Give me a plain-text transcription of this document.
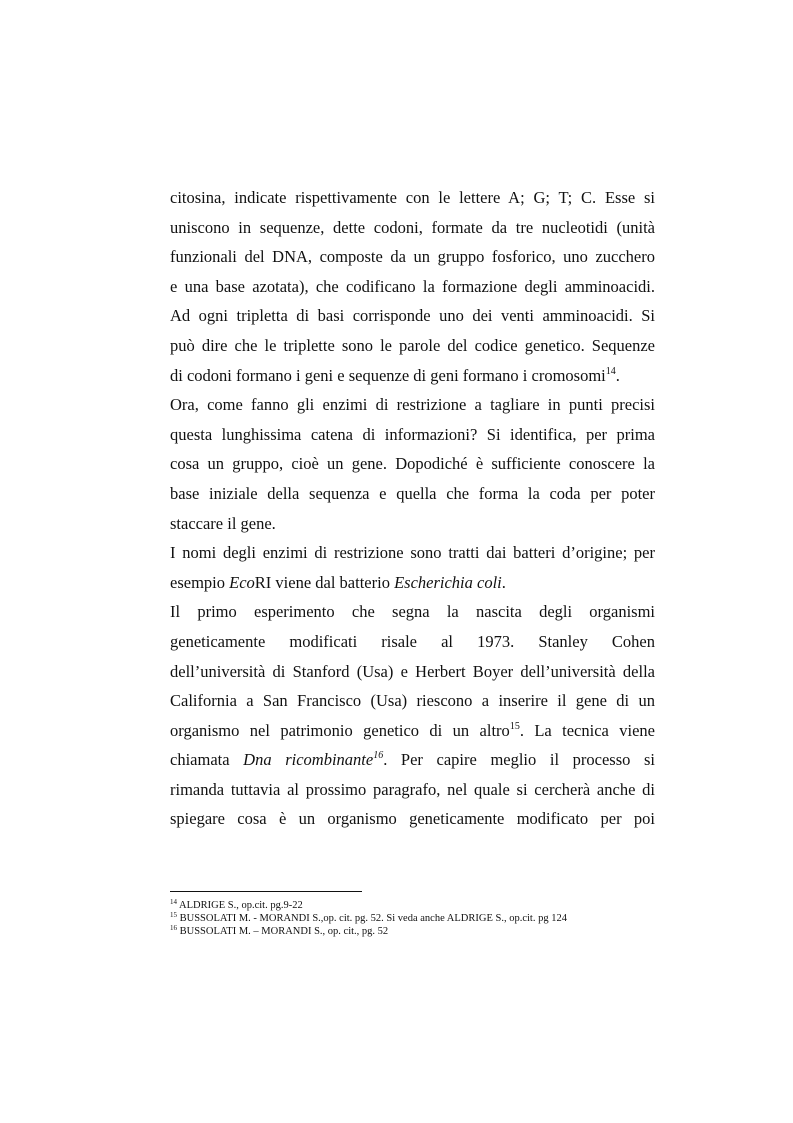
citosina, indicate rispettivamente con le lettere A; G; T; C. Esse si
uniscono in sequenze, dette codoni, formate da tre nucleotidi (unità
funzionali del DNA, composte da un gruppo fosforico, uno zucchero
e una base azotata), che codificano la formazione degli amminoacidi.
Ad ogni tripletta di basi corrisponde uno dei venti amminoacidi. Si
può dire che le triplette sono le parole del codice genetico. Sequenze
di codoni formano i geni e sequenze di geni formano i cromosomi$^{14}$.
Ora, come fanno gli enzimi di restrizione a tagliare in punti precisi
questa lunghissima catena di informazioni? Si identifica, per prima
cosa un gruppo, cioè un gene. Dopodiché è sufficiente conoscere la
base iniziale della sequenza e quella che forma la coda per poter
staccare il gene.
I nomi degli enzimi di restrizione sono tratti dai batteri d’origine; per
esempio EcoRI viene dal batterio Escherichia coli.
Il primo esperimento che segna la nascita degli organismi
geneticamente modificati risale al 1973. Stanley Cohen
dell’università di Stanford (Usa) e Herbert Boyer dell’università della
California a San Francisco (Usa) riescono a inserire il gene di un
organismo nel patrimonio genetico di un altro$^{15}$. La tecnica viene
chiamata Dna ricombinante$^{16}$. Per capire meglio il processo si
rimanda tuttavia al prossimo paragrafo, nel quale si cercherà anche di
spiegare cosa è un organismo geneticamente modificato per poi
$^{14}$ ALDRIGE S., op.cit. pg.9-22
$^{15}$ BUSSOLATI M. - MORANDI S.,op. cit. pg. 52. Si veda anche ALDRIGE S., op.cit. pg 124
$^{16}$ BUSSOLATI M. – MORANDI S., op. cit., pg. 52
